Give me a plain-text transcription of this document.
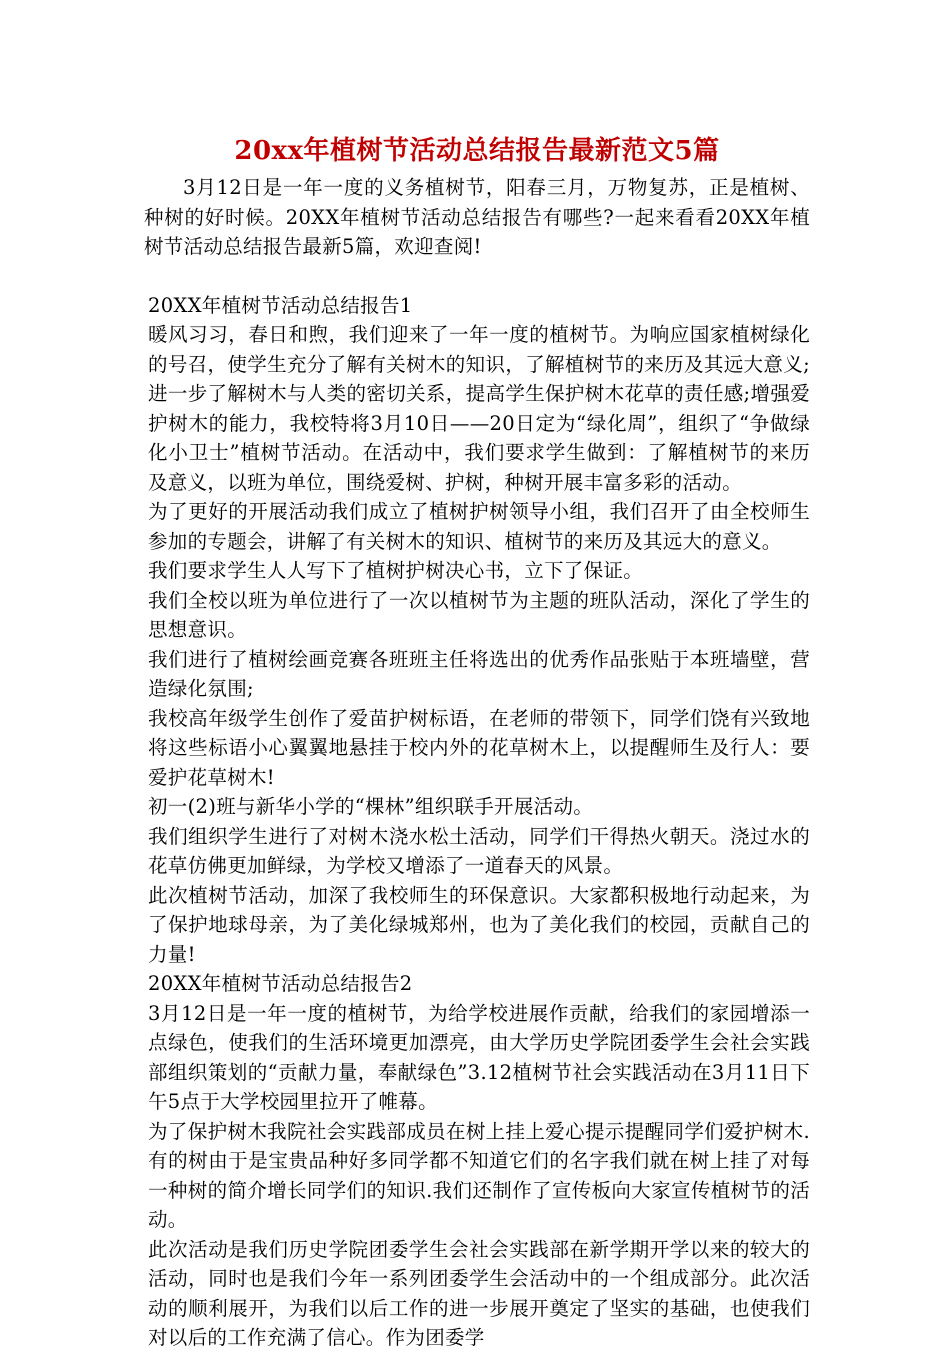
20xx年植树节活动总结报告最新范文5篇

3月12日是一年一度的义务植树节，阳春三月，万物复苏，正是植树、种树的好时候。20XX年植树节活动总结报告有哪些?一起来看看20XX年植树节活动总结报告最新5篇，欢迎查阅!

20XX年植树节活动总结报告1

暖风习习，春日和煦，我们迎来了一年一度的植树节。为响应国家植树绿化的号召，使学生充分了解有关树木的知识，了解植树节的来历及其远大意义;进一步了解树木与人类的密切关系，提高学生保护树木花草的责任感;增强爱护树木的能力，我校特将3月10日——20日定为“绿化周”，组织了“争做绿化小卫士”植树节活动。在活动中，我们要求学生做到：了解植树节的来历及意义，以班为单位，围绕爱树、护树，种树开展丰富多彩的活动。

为了更好的开展活动我们成立了植树护树领导小组，我们召开了由全校师生参加的专题会，讲解了有关树木的知识、植树节的来历及其远大的意义。

我们要求学生人人写下了植树护树决心书，立下了保证。

我们全校以班为单位进行了一次以植树节为主题的班队活动，深化了学生的思想意识。

我们进行了植树绘画竞赛各班班主任将选出的优秀作品张贴于本班墙壁，营造绿化氛围;

我校高年级学生创作了爱苗护树标语，在老师的带领下，同学们饶有兴致地将这些标语小心翼翼地悬挂于校内外的花草树木上，以提醒师生及行人：要爱护花草树木!

初一(2)班与新华小学的“棵林”组织联手开展活动。

我们组织学生进行了对树木浇水松土活动，同学们干得热火朝天。浇过水的花草仿佛更加鲜绿，为学校又增添了一道春天的风景。

此次植树节活动，加深了我校师生的环保意识。大家都积极地行动起来，为了保护地球母亲，为了美化绿城郑州，也为了美化我们的校园，贡献自己的力量!

20XX年植树节活动总结报告2

3月12日是一年一度的植树节，为给学校进展作贡献，给我们的家园增添一点绿色，使我们的生活环境更加漂亮，由大学历史学院团委学生会社会实践部组织策划的“贡献力量，奉献绿色”3.12植树节社会实践活动在3月11日下午5点于大学校园里拉开了帷幕。

为了保护树木我院社会实践部成员在树上挂上爱心提示提醒同学们爱护树木.有的树由于是宝贵品种好多同学都不知道它们的名字我们就在树上挂了对每一种树的简介增长同学们的知识.我们还制作了宣传板向大家宣传植树节的活动。

此次活动是我们历史学院团委学生会社会实践部在新学期开学以来的较大的活动，同时也是我们今年一系列团委学生会活动中的一个组成部分。此次活动的顺利展开，为我们以后工作的进一步展开奠定了坚实的基础，也使我们对以后的工作充满了信心。作为团委学
